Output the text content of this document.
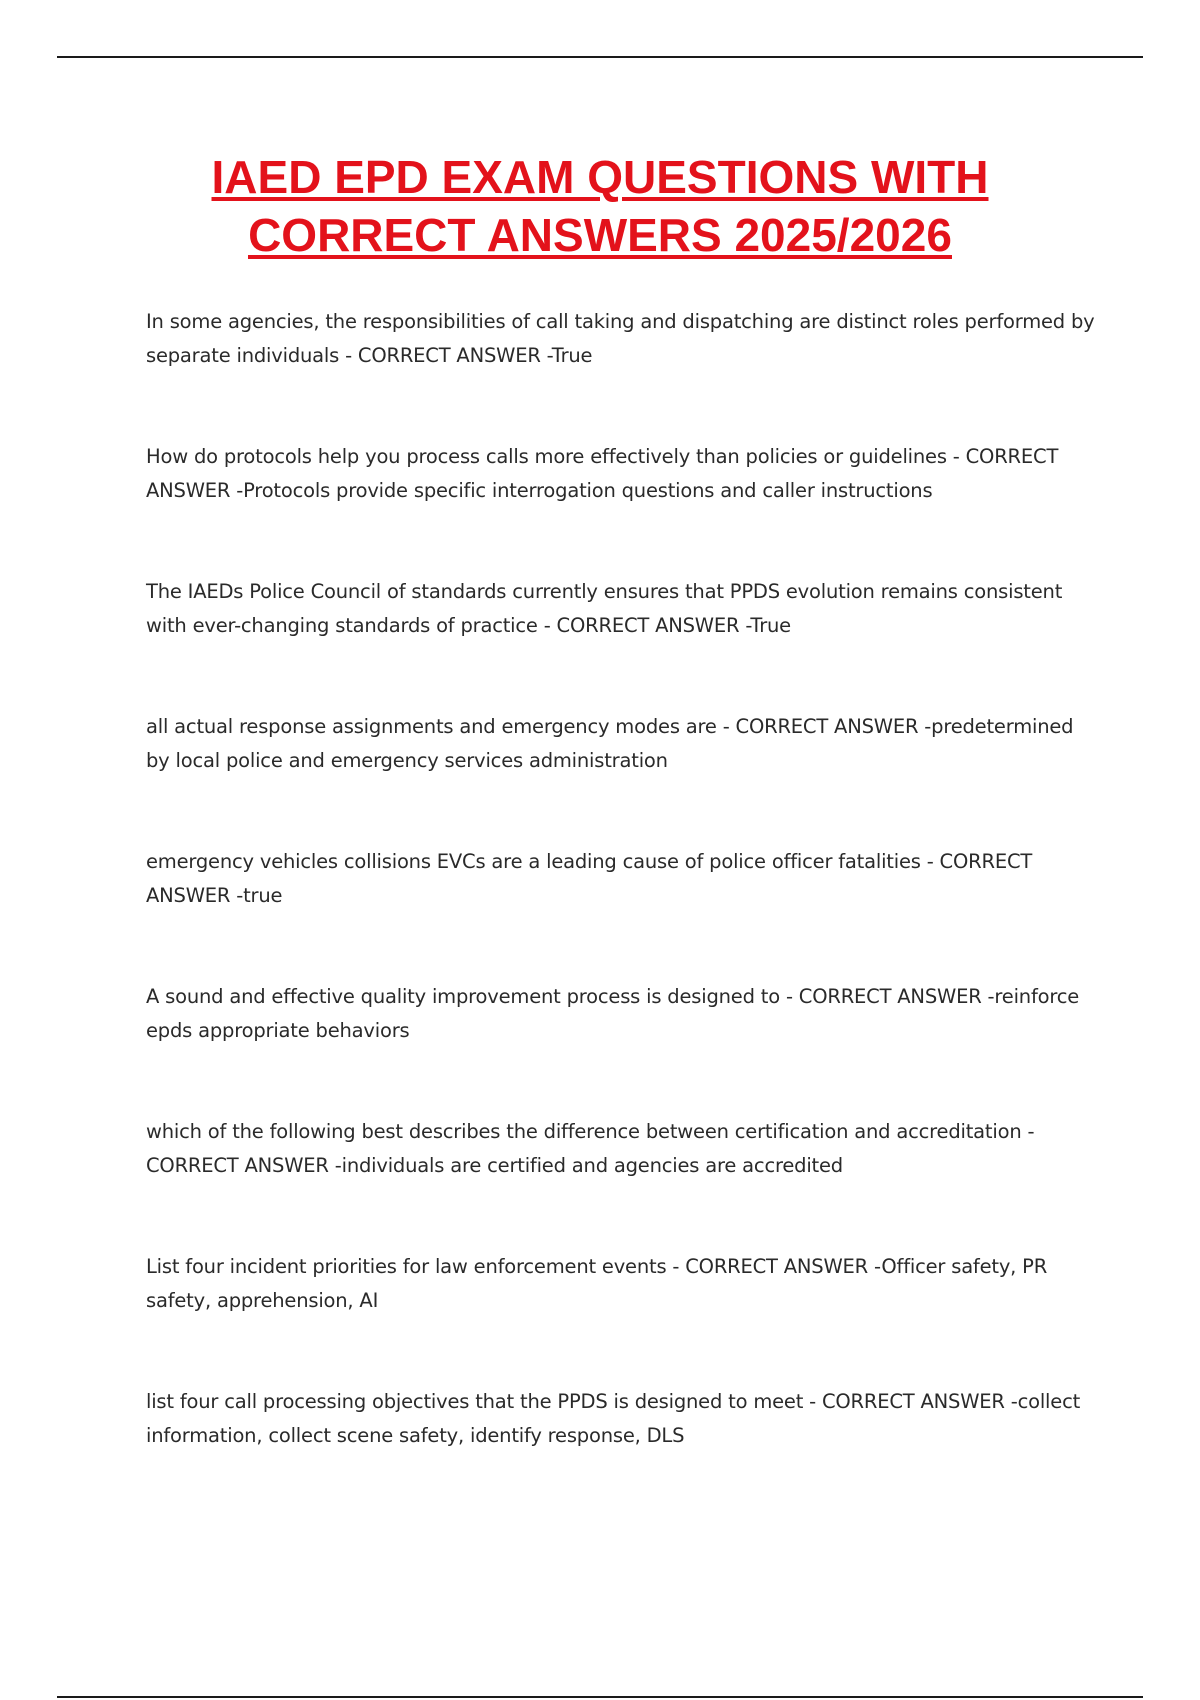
IAED EPD EXAM QUESTIONS WITH
CORRECT ANSWERS 2025/2026
In some agencies, the responsibilities of call taking and dispatching are distinct roles performed by separate individuals - CORRECT ANSWER -True
How do protocols help you process calls more effectively than policies or guidelines - CORRECT ANSWER -Protocols provide specific interrogation questions and caller instructions
The IAEDs Police Council of standards currently ensures that PPDS evolution remains consistent with ever-changing standards of practice - CORRECT ANSWER -True
all actual response assignments and emergency modes are - CORRECT ANSWER -predetermined by local police and emergency services administration
emergency vehicles collisions EVCs are a leading cause of police officer fatalities - CORRECT ANSWER -true
A sound and effective quality improvement process is designed to - CORRECT ANSWER -reinforce epds appropriate behaviors
which of the following best describes the difference between certification and accreditation - CORRECT ANSWER -individuals are certified and agencies are accredited
List four incident priorities for law enforcement events - CORRECT ANSWER -Officer safety, PR safety, apprehension, AI
list four call processing objectives that the PPDS is designed to meet - CORRECT ANSWER -collect information, collect scene safety, identify response, DLS
